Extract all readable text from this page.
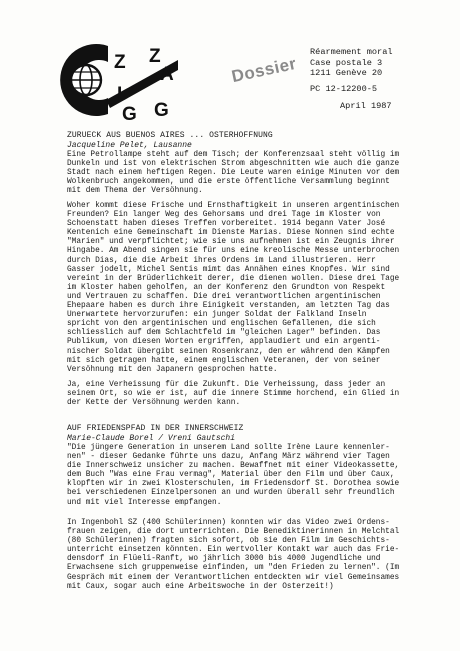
Z Z
A
I
G G
Dossier
Réarmement moral
Case postale 3
1211 Genève 20
PC 12-12200-5
April 1987
ZURUECK AUS BUENOS AIRES ... OSTERHOFFNUNG
Jacqueline Pelet, Lausanne
Eine Petrollampe steht auf dem Tisch; der Konferenzsaal steht völlig im
Dunkeln und ist von elektrischen Strom abgeschnitten wie auch die ganze
Stadt nach einem heftigen Regen. Die Leute waren einige Minuten vor dem
Wolkenbruch angekommen, und die erste öffentliche Versammlung beginnt
mit dem Thema der Versöhnung.
Woher kommt diese Frische und Ernsthaftigkeit in unseren argentinischen
Freunden? Ein langer Weg des Gehorsams und drei Tage im Kloster von
Schoenstatt haben dieses Treffen vorbereitet. 1914 begann Vater José
Kentenich eine Gemeinschaft im Dienste Marias. Diese Nonnen sind echte
"Marien" und verpflichtet; wie sie uns aufnehmen ist ein Zeugnis ihrer
Hingabe. Am Abend singen sie für uns eine kreolische Messe unterbrochen
durch Dias, die die Arbeit ihres Ordens im Land illustrieren. Herr
Gasser jodelt, Michel Sentis mimt das Annähen eines Knopfes. Wir sind
vereint in der Brüderlichkeit derer, die dienen wollen. Diese drei Tage
im Kloster haben geholfen, an der Konferenz den Grundton von Respekt
und Vertrauen zu schaffen. Die drei verantwortlichen argentinischen
Ehepaare haben es durch ihre Einigkeit verstanden, am letzten Tag das
Unerwartete hervorzurufen: ein junger Soldat der Falkland Inseln
spricht von den argentinischen und englischen Gefallenen, die sich
schliesslich auf dem Schlachtfeld im "gleichen Lager" befinden. Das
Publikum, von diesen Worten ergriffen, applaudiert und ein argenti-
nischer Soldat übergibt seinen Rosenkranz, den er während den Kämpfen
mit sich getragen hatte, einem englischen Veteranen, der von seiner
Versöhnung mit den Japanern gesprochen hatte.
Ja, eine Verheissung für die Zukunft. Die Verheissung, dass jeder an
seinem Ort, so wie er ist, auf die innere Stimme horchend, ein Glied in
der Kette der Versöhnung werden kann.
AUF FRIEDENSPFAD IN DER INNERSCHWEIZ
Marie-Claude Borel / Vreni Gautschi
"Die jüngere Generation in unserem Land sollte Irène Laure kennenler-
nen" - dieser Gedanke führte uns dazu, Anfang März während vier Tagen
die Innerschweiz unsicher zu machen. Bewaffnet mit einer Videokassette,
dem Buch "Was eine Frau vermag", Material über den Film und über Caux,
klopften wir in zwei Klosterschulen, im Friedensdorf St. Dorothea sowie
bei verschiedenen Einzelpersonen an und wurden überall sehr freundlich
und mit viel Interesse empfangen.
In Ingenbohl SZ (400 Schülerinnen) konnten wir das Video zwei Ordens-
frauen zeigen, die dort unterrichten. Die Benediktinerinnen in Melchtal
(80 Schülerinnen) fragten sich sofort, ob sie den Film im Geschichts-
unterricht einsetzen könnten. Ein wertvoller Kontakt war auch das Frie-
densdorf in Flüeli-Ranft, wo jährlich 3000 bis 4000 Jugendliche und
Erwachsene sich gruppenweise einfinden, um "den Frieden zu lernen". (Im
Gespräch mit einem der Verantwortlichen entdeckten wir viel Gemeinsames
mit Caux, sogar auch eine Arbeitswoche in der Osterzeit!)
